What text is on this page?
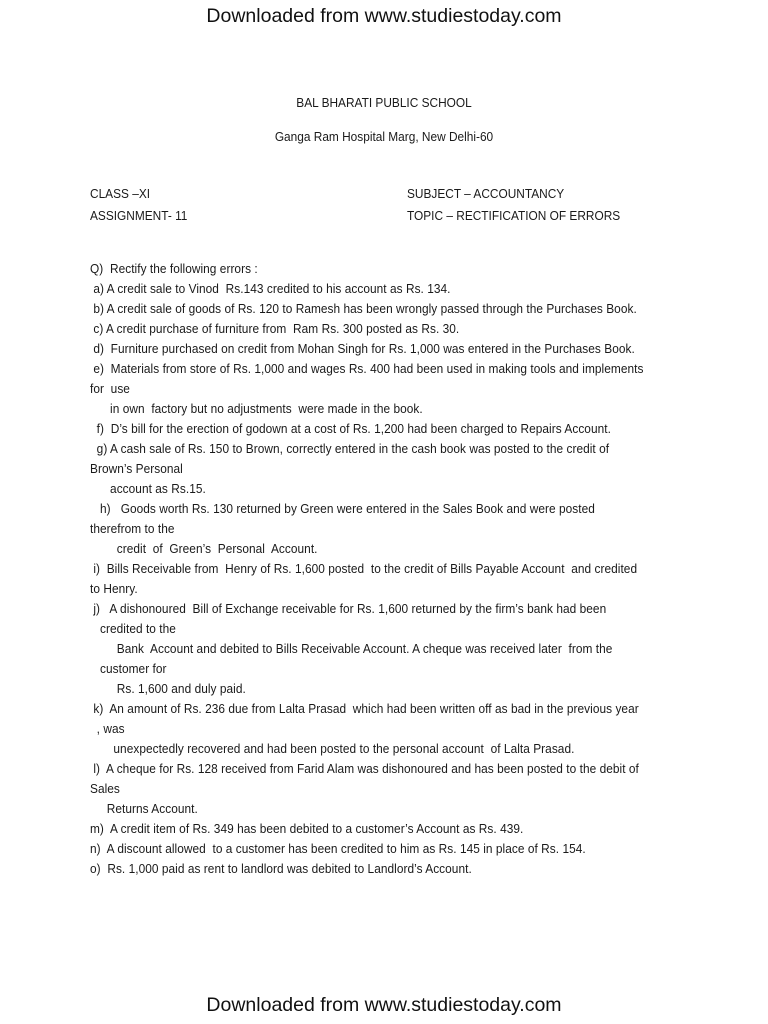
Downloaded from www.studiestoday.com
BAL BHARATI PUBLIC SCHOOL
Ganga Ram Hospital Marg, New Delhi-60
CLASS –XI
ASSIGNMENT- 11
SUBJECT – ACCOUNTANCY
TOPIC – RECTIFICATION OF ERRORS
Q)  Rectify the following errors :
a) A credit sale to Vinod  Rs.143 credited to his account as Rs. 134.
b) A credit sale of goods of Rs. 120 to Ramesh has been wrongly passed through the Purchases Book.
c) A credit purchase of furniture from  Ram Rs. 300 posted as Rs. 30.
d)  Furniture purchased on credit from Mohan Singh for Rs. 1,000 was entered in the Purchases Book.
e)  Materials from store of Rs. 1,000 and wages Rs. 400 had been used in making tools and implements
for  use
in own  factory but no adjustments  were made in the book.
f)  D’s bill for the erection of godown at a cost of Rs. 1,200 had been charged to Repairs Account.
g) A cash sale of Rs. 150 to Brown, correctly entered in the cash book was posted to the credit of
Brown’s Personal
account as Rs.15.
h)   Goods worth Rs. 130 returned by Green were entered in the Sales Book and were posted
therefrom to the
credit  of  Green’s  Personal  Account.
i)  Bills Receivable from  Henry of Rs. 1,600 posted  to the credit of Bills Payable Account  and credited
to Henry.
j)   A dishonoured  Bill of Exchange receivable for Rs. 1,600 returned by the firm’s bank had been
credited to the
Bank  Account and debited to Bills Receivable Account. A cheque was received later  from the
customer for
Rs. 1,600 and duly paid.
k)  An amount of Rs. 236 due from Lalta Prasad  which had been written off as bad in the previous year
, was
unexpectedly recovered and had been posted to the personal account  of Lalta Prasad.
l)  A cheque for Rs. 128 received from Farid Alam was dishonoured and has been posted to the debit of
Sales
Returns Account.
m)  A credit item of Rs. 349 has been debited to a customer’s Account as Rs. 439.
n)  A discount allowed  to a customer has been credited to him as Rs. 145 in place of Rs. 154.
o)  Rs. 1,000 paid as rent to landlord was debited to Landlord’s Account.
Downloaded from www.studiestoday.com
